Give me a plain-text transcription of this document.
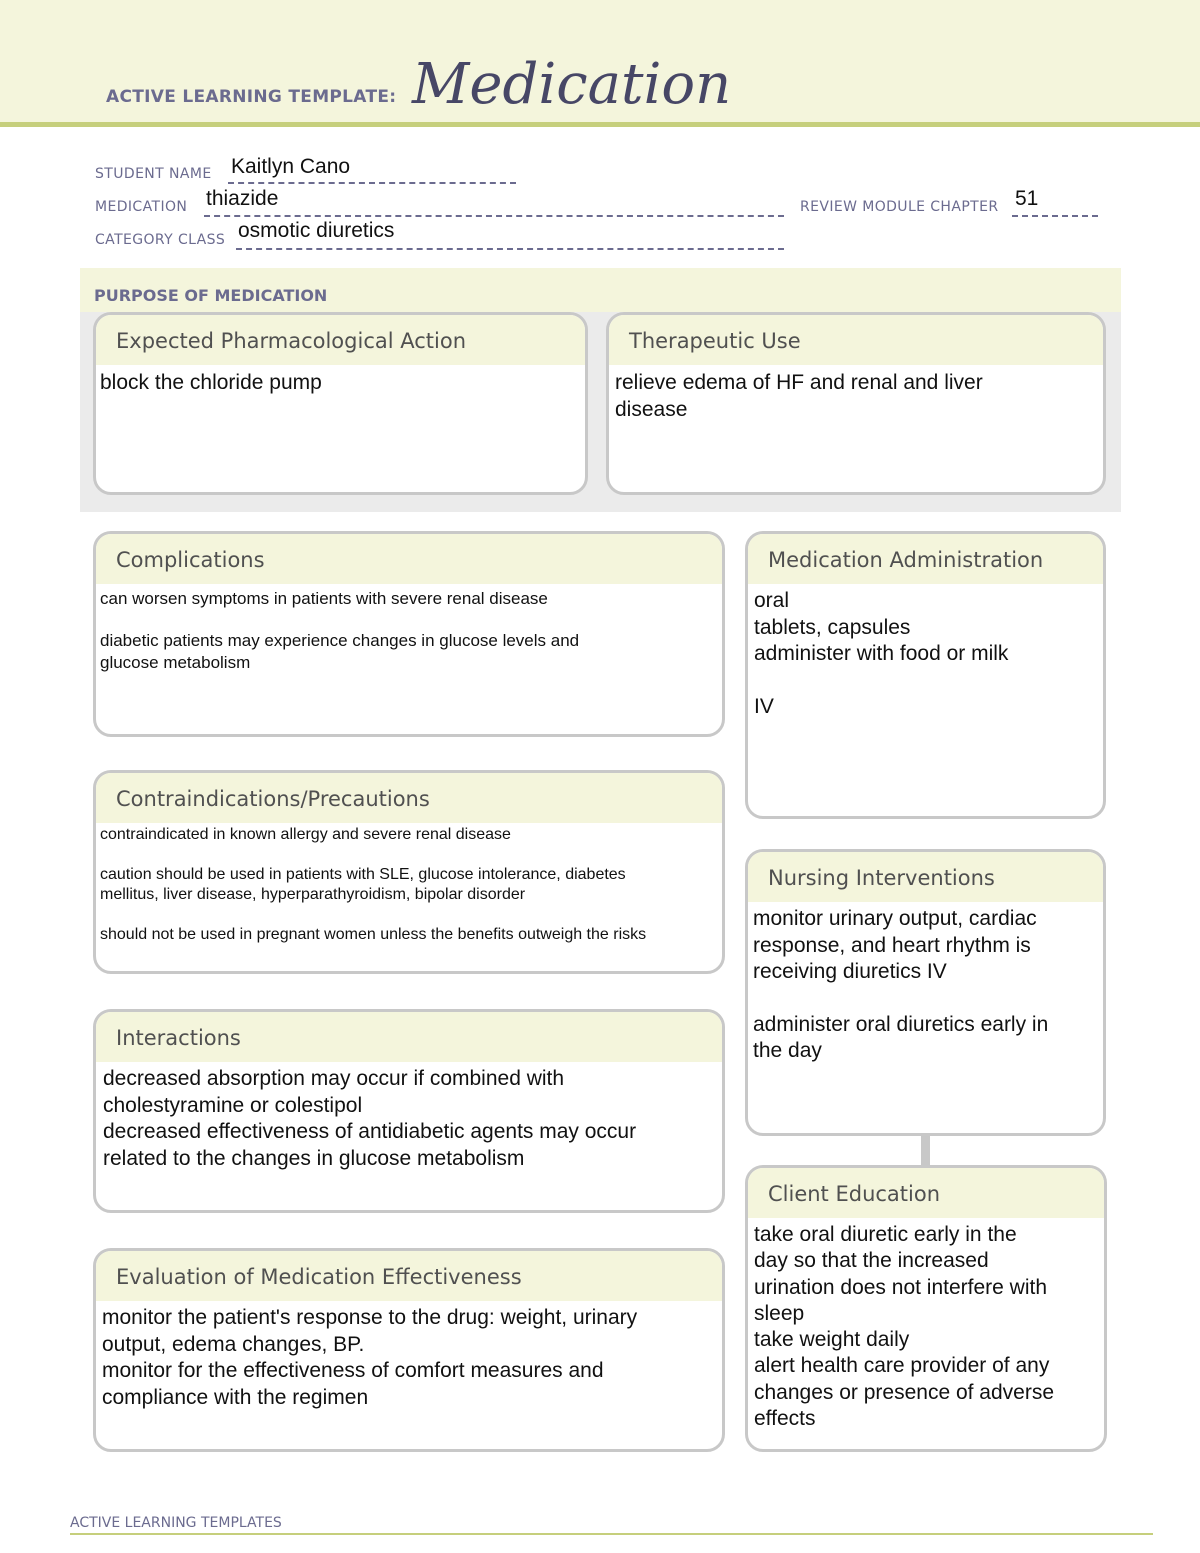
ACTIVE LEARNING TEMPLATE: Medication
STUDENT NAME Kaitlyn Cano
MEDICATION thiazide	REVIEW MODULE CHAPTER 51
CATEGORY CLASS osmotic diuretics
PURPOSE OF MEDICATION
Expected Pharmacological Action

block the chloride pump

Therapeutic Use

relieve edema of HF and renal and liver
disease

Complications

can worsen symptoms in patients with severe renal disease

diabetic patients may experience changes in glucose levels and
glucose metabolism

Contraindications/Precautions

contraindicated in known allergy and severe renal disease

caution should be used in patients with SLE, glucose intolerance, diabetes
mellitus, liver disease, hyperparathyroidism, bipolar disorder

should not be used in pregnant women unless the benefits outweigh the risks

Interactions

decreased absorption may occur if combined with
cholestyramine or colestipol
decreased effectiveness of antidiabetic agents may occur
related to the changes in glucose metabolism

Evaluation of Medication Effectiveness

monitor the patient's response to the drug: weight, urinary
output, edema changes, BP.
monitor for the effectiveness of comfort measures and
compliance with the regimen

Medication Administration

oral
tablets, capsules
administer with food or milk

IV

Nursing Interventions

monitor urinary output, cardiac
response, and heart rhythm is
receiving diuretics IV

administer oral diuretics early in
the day

Client Education

take oral diuretic early in the
day so that the increased
urination does not interfere with
sleep
take weight daily
alert health care provider of any
changes or presence of adverse
effects

ACTIVE LEARNING TEMPLATES
